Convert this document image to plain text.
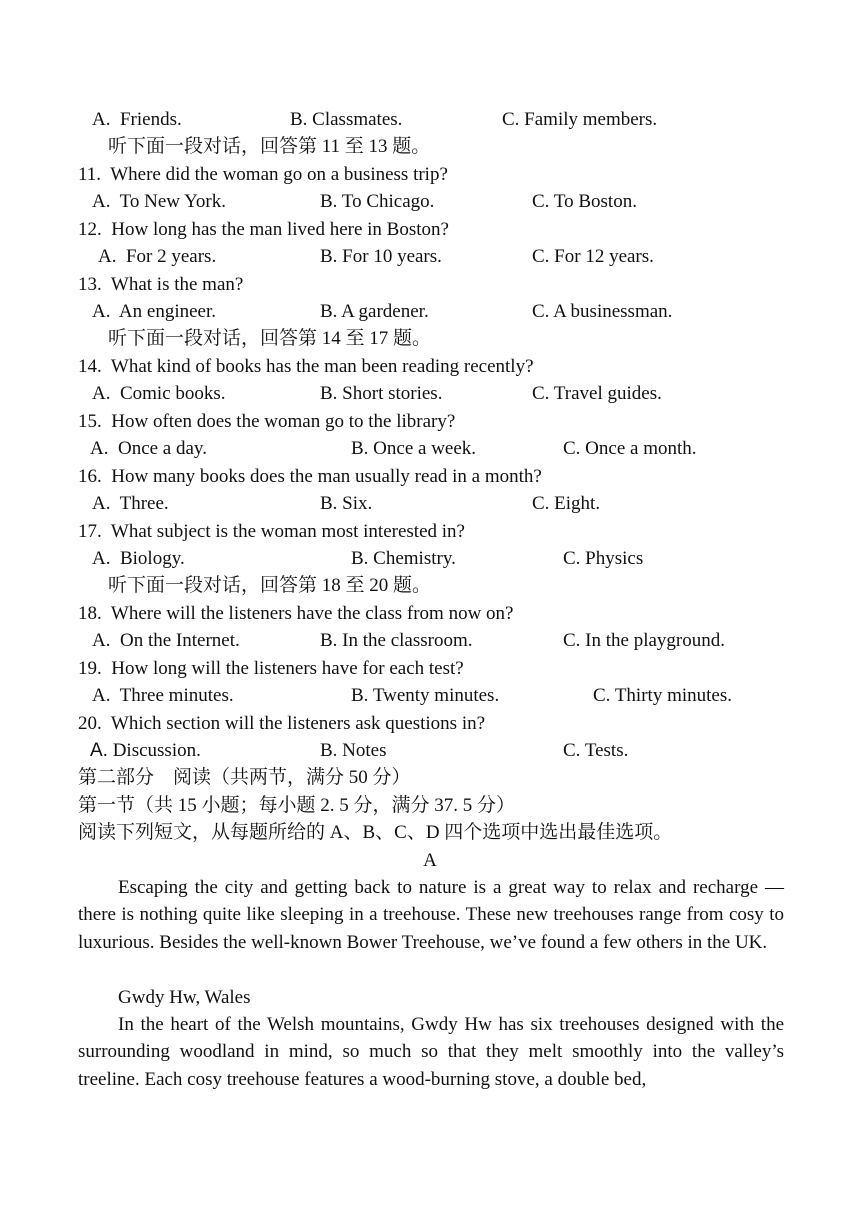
A.  Friends.	B. Classmates.	C. Family members.
听下面一段对话，回答第 11 至 13 题。
11.  Where did the woman go on a business trip?
A.  To New York.	B. To Chicago.	C. To Boston.
12.  How long has the man lived here in Boston?
A.  For 2 years.	B. For 10 years.	C. For 12 years.
13.  What is the man?
A.  An engineer.	B. A gardener.	C. A businessman.
听下面一段对话，回答第 14 至 17 题。
14.  What kind of books has the man been reading recently?
A.  Comic books.	B. Short stories.	C. Travel guides.
15.  How often does the woman go to the library?
A.  Once a day.	B. Once a week.	C. Once a month.
16.  How many books does the man usually read in a month?
A.  Three.	B. Six.	C. Eight.
17.  What subject is the woman most interested in?
A.  Biology.	B. Chemistry.	C. Physics
听下面一段对话，回答第 18 至 20 题。
18.  Where will the listeners have the class from now on?
A.  On the Internet.	B. In the classroom.	C. In the playground.
19.  How long will the listeners have for each test?
A.  Three minutes.	B. Twenty minutes.	C. Thirty minutes.
20.  Which section will the listeners ask questions in?
A. Discussion.	B. Notes	C. Tests.
第二部分    阅读（共两节，满分 50 分）
第一节（共 15 小题；每小题 2. 5 分，满分 37. 5 分）
阅读下列短文，从每题所给的 A、B、C、D 四个选项中选出最佳选项。
A
Escaping the city and getting back to nature is a great way to relax and recharge — there is nothing quite like sleeping in a treehouse. These new treehouses range from cosy to luxurious. Besides the well-known Bower Treehouse, we’ve found a few others in the UK.
Gwdy Hw, Wales
In the heart of the Welsh mountains, Gwdy Hw has six treehouses designed with the surrounding woodland in mind, so much so that they melt smoothly into the valley’s treeline. Each cosy treehouse features a wood-burning stove, a double bed,
